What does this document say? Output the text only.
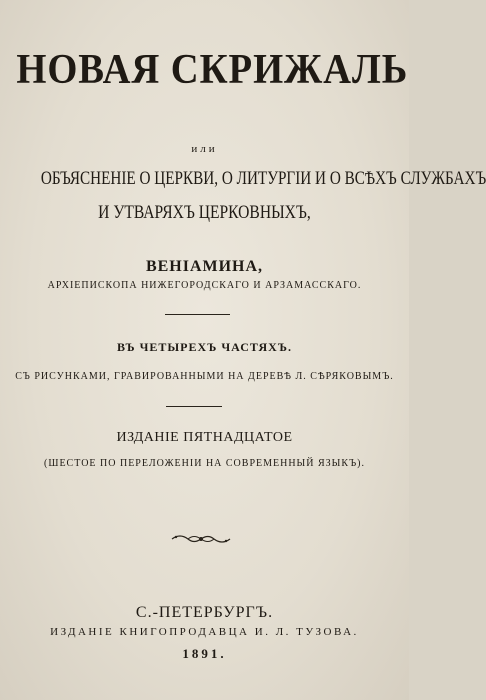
НОВАЯ СКРИЖАЛЬ
или
ОБЪЯСНЕНІЕ О ЦЕРКВИ, О ЛИТУРГІИ И О ВСѢХЪ СЛУЖБАХЪ
И УТВАРЯХЪ ЦЕРКОВНЫХЪ,
ВЕНІАМИНА,
АРХІЕПИСКОПА НИЖЕГОРОДСКАГО И АРЗАМАССКАГО.
ВЪ ЧЕТЫРЕХЪ ЧАСТЯХЪ.
СЪ РИСУНКАМИ, ГРАВИРОВАННЫМИ НА ДЕРЕВѢ Л. СѢРЯКОВЫМЪ.
ИЗДАНІЕ ПЯТНАДЦАТОЕ
(ШЕСТОЕ ПО ПЕРЕЛОЖЕНІИ НА СОВРЕМЕННЫЙ ЯЗЫКЪ).
С.-ПЕТЕРБУРГЪ.
ИЗДАНІЕ КНИГОПРОДАВЦА И. Л. ТУЗОВА.
1891.
